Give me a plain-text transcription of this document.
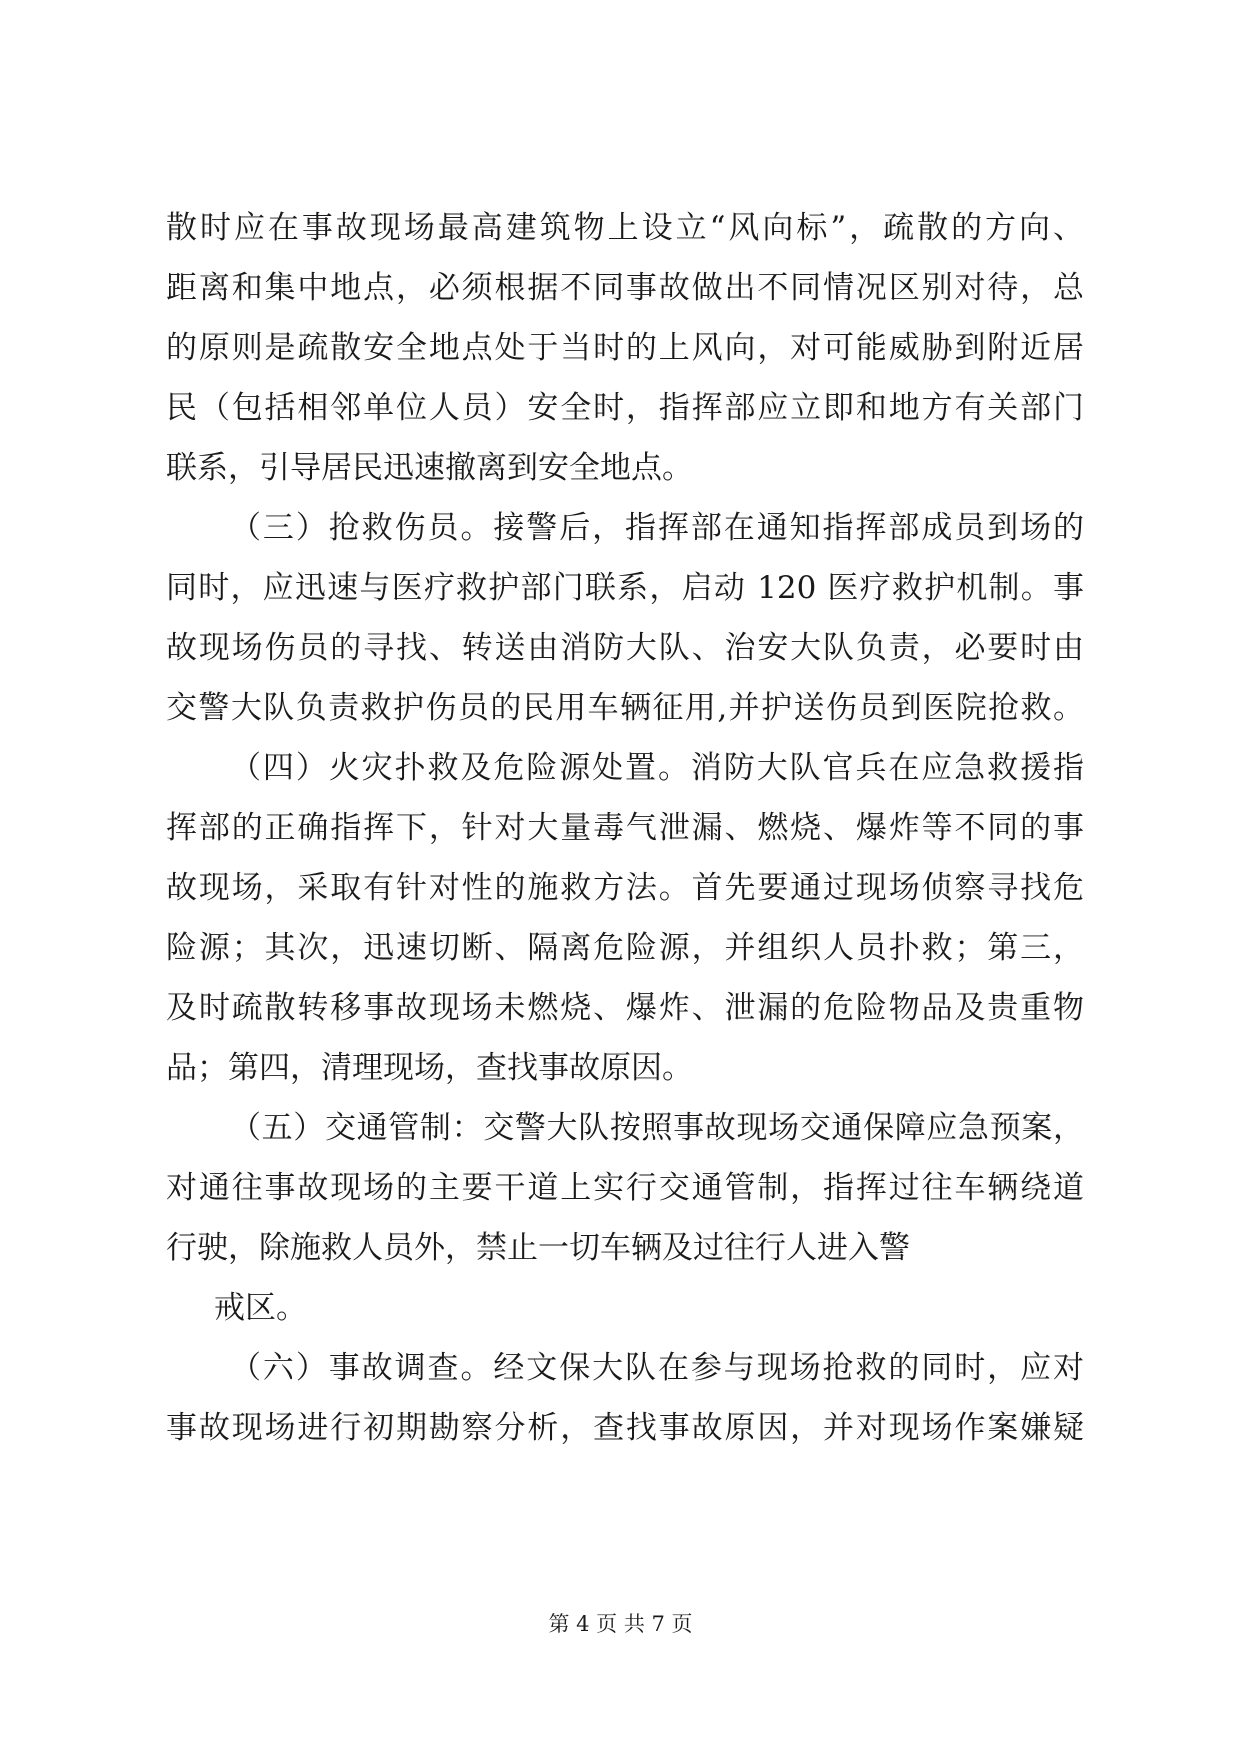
散时应在事故现场最高建筑物上设立“风向标”，疏散的方向、
距离和集中地点，必须根据不同事故做出不同情况区别对待，总
的原则是疏散安全地点处于当时的上风向，对可能威胁到附近居
民（包括相邻单位人员）安全时，指挥部应立即和地方有关部门
联系，引导居民迅速撤离到安全地点。
（三）抢救伤员。接警后，指挥部在通知指挥部成员到场的
同时，应迅速与医疗救护部门联系，启动 120 医疗救护机制。事
故现场伤员的寻找、转送由消防大队、治安大队负责，必要时由
交警大队负责救护伤员的民用车辆征用,并护送伤员到医院抢救。
（四）火灾扑救及危险源处置。消防大队官兵在应急救援指
挥部的正确指挥下，针对大量毒气泄漏、燃烧、爆炸等不同的事
故现场，采取有针对性的施救方法。首先要通过现场侦察寻找危
险源；其次，迅速切断、隔离危险源，并组织人员扑救；第三，
及时疏散转移事故现场未燃烧、爆炸、泄漏的危险物品及贵重物
品；第四，清理现场，查找事故原因。
（五）交通管制：交警大队按照事故现场交通保障应急预案，
对通往事故现场的主要干道上实行交通管制，指挥过往车辆绕道
行驶，除施救人员外，禁止一切车辆及过往行人进入警
戒区。
（六）事故调查。经文保大队在参与现场抢救的同时，应对
事故现场进行初期勘察分析，查找事故原因，并对现场作案嫌疑
第 4 页 共 7 页
